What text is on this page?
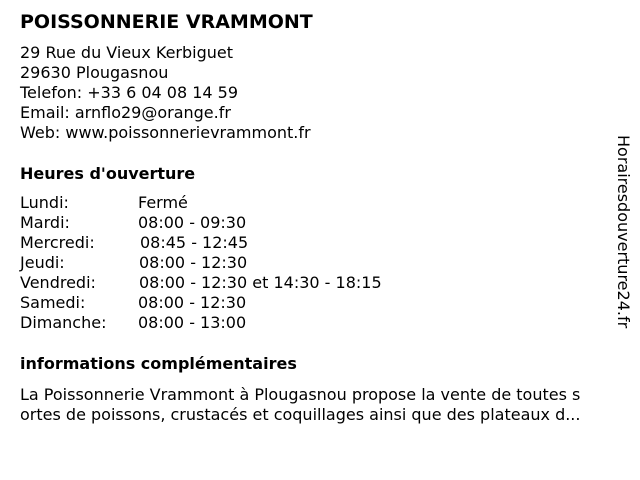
POISSONNERIE VRAMMONT
29 Rue du Vieux Kerbiguet
29630 Plougasnou
Telefon: +33 6 04 08 14 59
Email: arnflo29@orange.fr
Web: www.poissonnerievrammont.fr
Heures d'ouverture
Lundi:	Fermé
Mardi:	08:00 - 09:30
Mercredi:	08:45 - 12:45
Jeudi:	08:00 - 12:30
Vendredi:	08:00 - 12:30 et 14:30 - 18:15
Samedi:	08:00 - 12:30
Dimanche: 08:00 - 13:00
informations complémentaires
La Poissonnerie Vrammont à Plougasnou propose la vente de toutes s
ortes de poissons, crustacés et coquillages ainsi que des plateaux d...
Horairesdouverture24.fr
